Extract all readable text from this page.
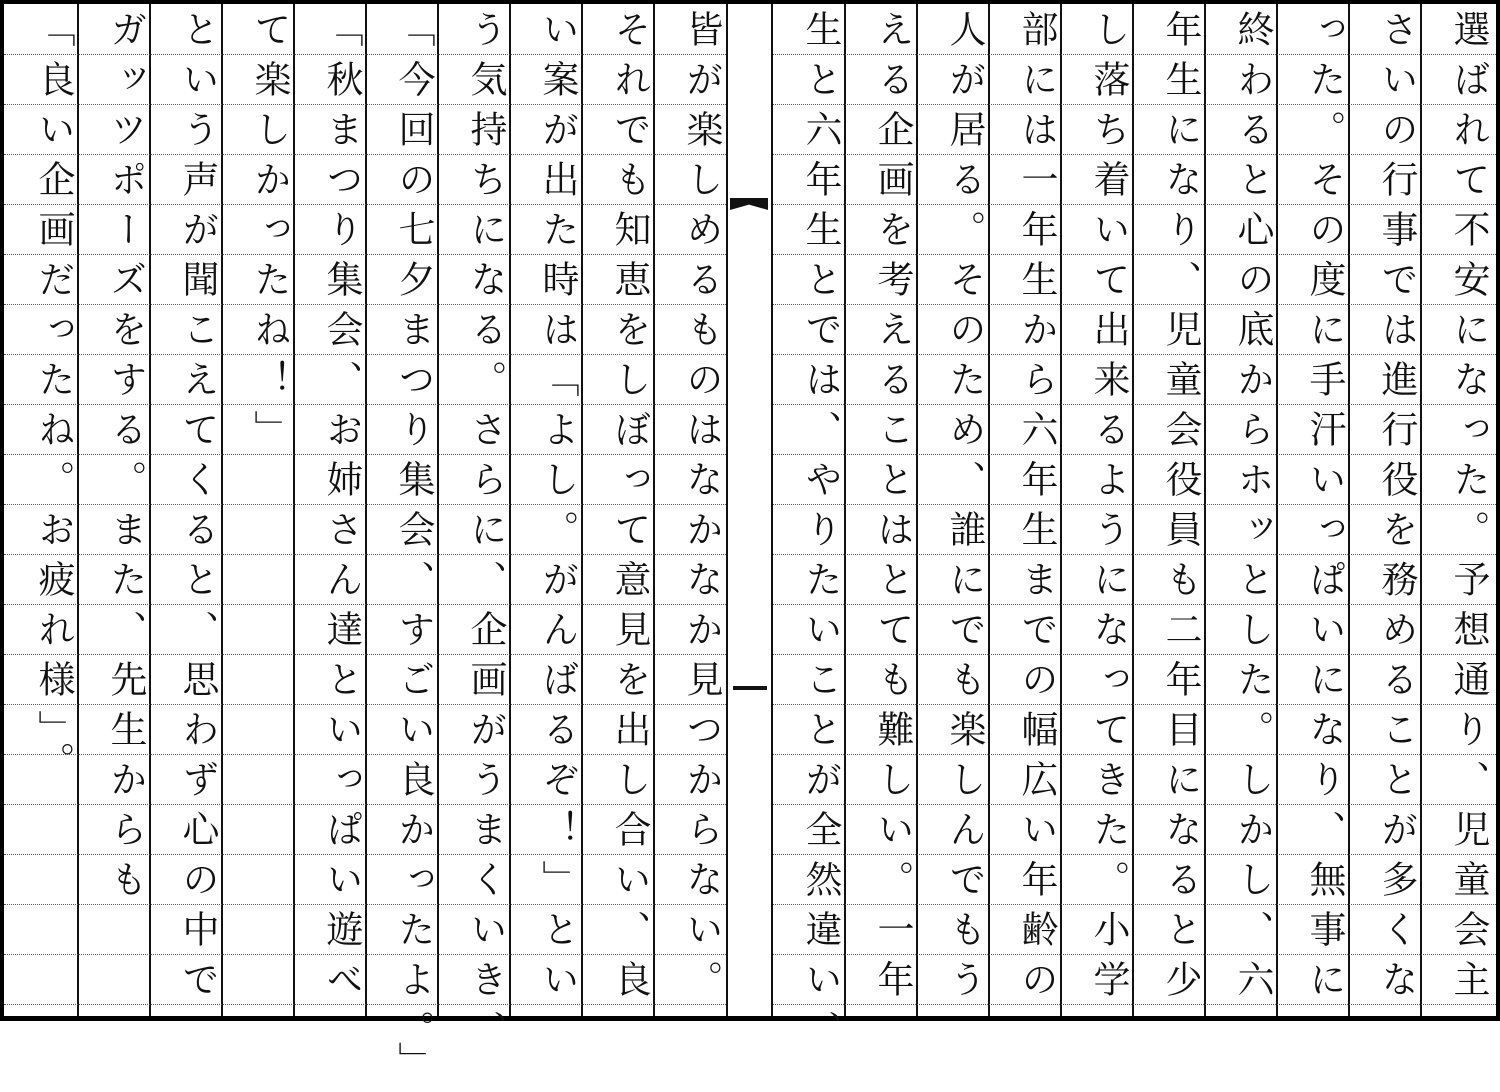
選ばれて不安になった。予想通り、児童会主
さいの行事では進行役を務めることが多くな
った。その度に手汗いっぱいになり、無事に
終わると心の底からホッとした。しかし、六
年生になり、児童会役員も二年目になると少
し落ち着いて出来るようになってきた。小学
部には一年生から六年生までの幅広い年齢の
人が居る。そのため、誰にでも楽しんでもう
える企画を考えることはとても難しい。一年
生と六年生とでは、やりたいことが全然違い、
皆が楽しめるものはなかなか見つからない。
それでも知恵をしぼって意見を出し合い、良
い案が出た時は「よし。がんばるぞ！」とい
う気持ちになる。さらに、企画がうまくいき、
「今回の七夕まつり集会、すごい良かったよ。」
「秋まつり集会、お姉さん達といっぱい遊べ
て楽しかったね！」
という声が聞こえてくると、思わず心の中で
ガッツポーズをする。また、先生からも
「良い企画だったね。お疲れ様」。
